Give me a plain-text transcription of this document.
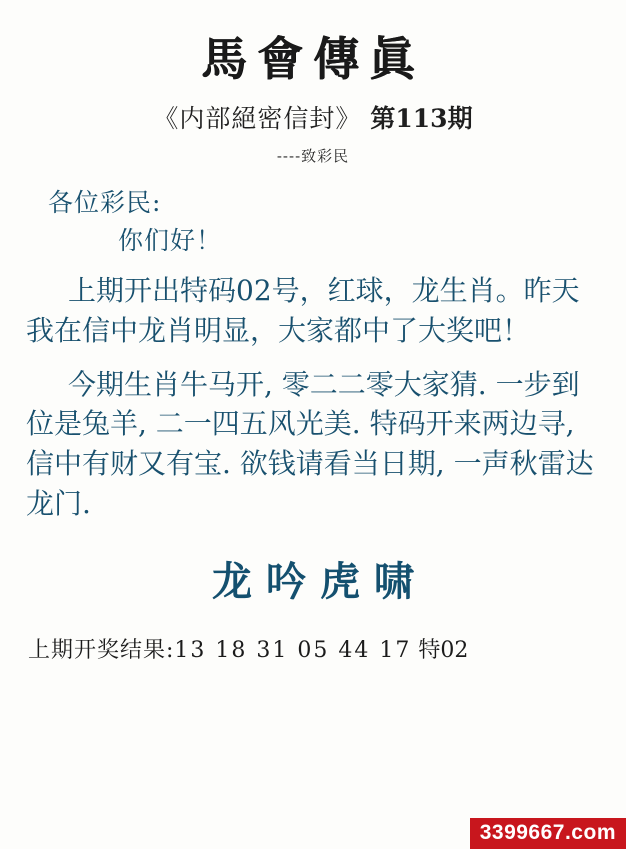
馬會傳眞
《内部絕密信封》 第113期
----致彩民
各位彩民:
你们好！
上期开出特码02号，红球，龙生肖。昨天我在信中龙肖明显，大家都中了大奖吧！
今期生肖牛马开, 零二二零大家猜. 一步到位是兔羊, 二一四五风光美. 特码开来两边寻, 信中有财又有宝. 欲钱请看当日期, 一声秋雷达龙门.
龙吟虎啸
上期开奖结果:13 18 31 05 44 17 特02
3399667.com
